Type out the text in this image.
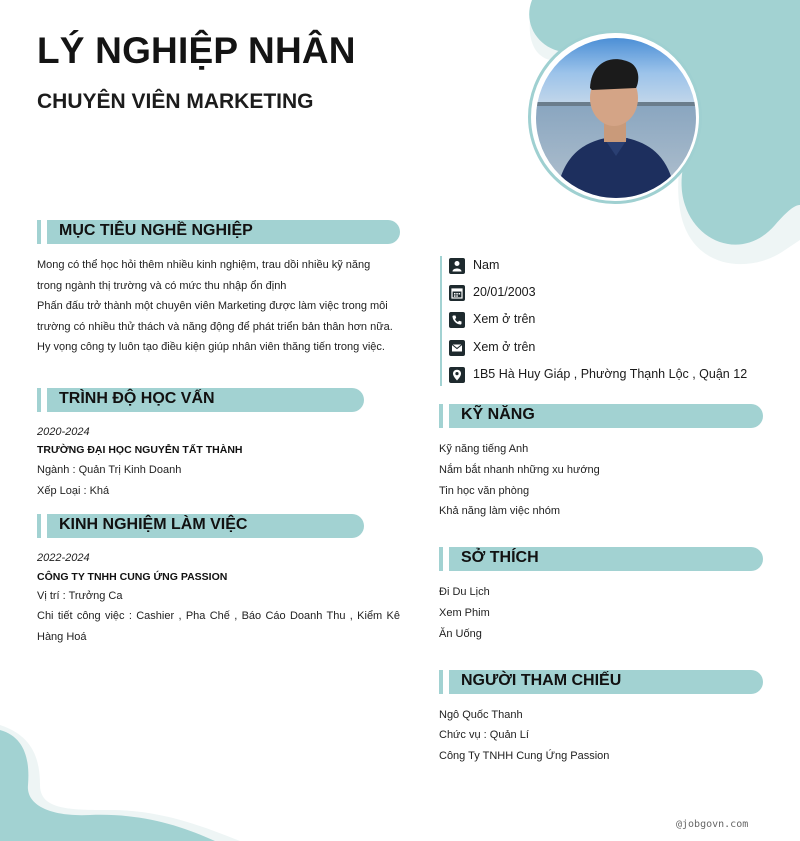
LÝ NGHIỆP NHÂN
CHUYÊN VIÊN MARKETING
MỤC TIÊU NGHỀ NGHIỆP
Mong có thể học hỏi thêm nhiều kinh nghiệm, trau dồi nhiều kỹ năng
trong ngành thị trường và có mức thu nhập ổn định
Phấn đấu trở thành một chuyên viên Marketing được làm việc trong môi
trường có nhiều thử thách và năng động để phát triển bản thân hơn nữa.
Hy vọng công ty luôn tạo điều kiện giúp nhân viên thăng tiến trong việc.
TRÌNH ĐỘ HỌC VẤN
2020-2024
TRƯỜNG ĐẠI HỌC NGUYỄN TẤT THÀNH
Ngành : Quản Trị Kinh Doanh
Xếp Loại : Khá
KINH NGHIỆM LÀM VIỆC
2022-2024
CÔNG TY TNHH CUNG ỨNG PASSION
Vị trí : Trưởng Ca
Chi tiết công việc : Cashier , Pha Chế , Báo Cáo Doanh Thu , Kiểm Kê Hàng Hoá
Nam
20/01/2003
Xem ở trên
Xem ở trên
1B5 Hà Huy Giáp , Phường Thạnh Lộc , Quận 12
KỸ NĂNG
Kỹ năng tiếng Anh
Nắm bắt nhanh những xu hướng
Tin học văn phòng
Khả năng làm việc nhóm
SỞ THÍCH
Đi Du Lịch
Xem Phim
Ăn Uống
NGƯỜI THAM CHIẾU
Ngô Quốc Thanh
Chức vụ : Quản Lí
Công Ty TNHH Cung Ứng Passion
@jobgovn.com
